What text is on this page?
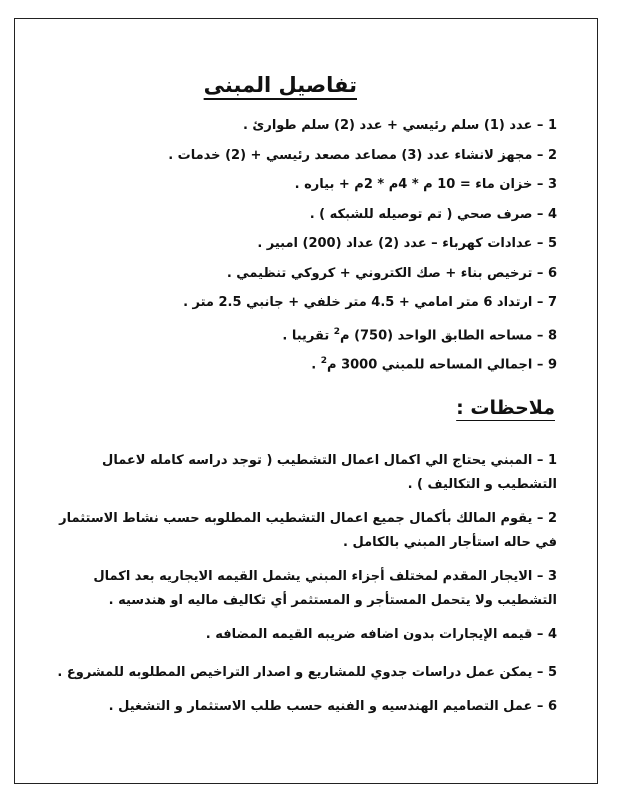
تفاصيل المبنى
1 – عدد (1) سلم رئيسي + عدد (2) سلم طوارئ .
2 – مجهز لانشاء عدد (3) مصاعد مصعد رئيسي + (2) خدمات .
3 – خزان ماء = 10 م * 4م * 2م + بياره .
4 – صرف صحي ( تم توصيله للشبكه ) .
5 – عدادات كهرباء – عدد (2) عداد (200) امبير .
6 – ترخيص بناء + صك الكتروني + كروكي تنظيمي .
7 – ارتداد 6 متر امامي + 4.5 متر خلفي + جانبي 2.5 متر .
8 – مساحه الطابق الواحد (750) م$^2$ تقريبا .
9 – اجمالي المساحه للمبني 3000 م$^2$ .
ملاحظات :
1 – المبني يحتاج الي اكمال اعمال التشطيب ( توجد دراسه كامله لاعمال التشطيب و التكاليف ) .
2 – يقوم المالك بأكمال جميع اعمال التشطيب المطلوبه حسب نشاط الاستثمار في حاله استأجار المبني بالكامل .
3 – الايجار المقدم لمختلف أجزاء المبني يشمل القيمه الايجاريه بعد اكمال التشطيب ولا يتحمل المستأجر و المستثمر أي تكاليف ماليه او هندسيه .
4 – قيمه الإيجارات بدون اضافه ضريبه القيمه المضافه .
5 – يمكن عمل دراسات جدوي للمشاريع و اصدار التراخيص المطلوبه للمشروع .
6 – عمل التصاميم الهندسيه و الفنيه حسب طلب الاستثمار و التشغيل .
